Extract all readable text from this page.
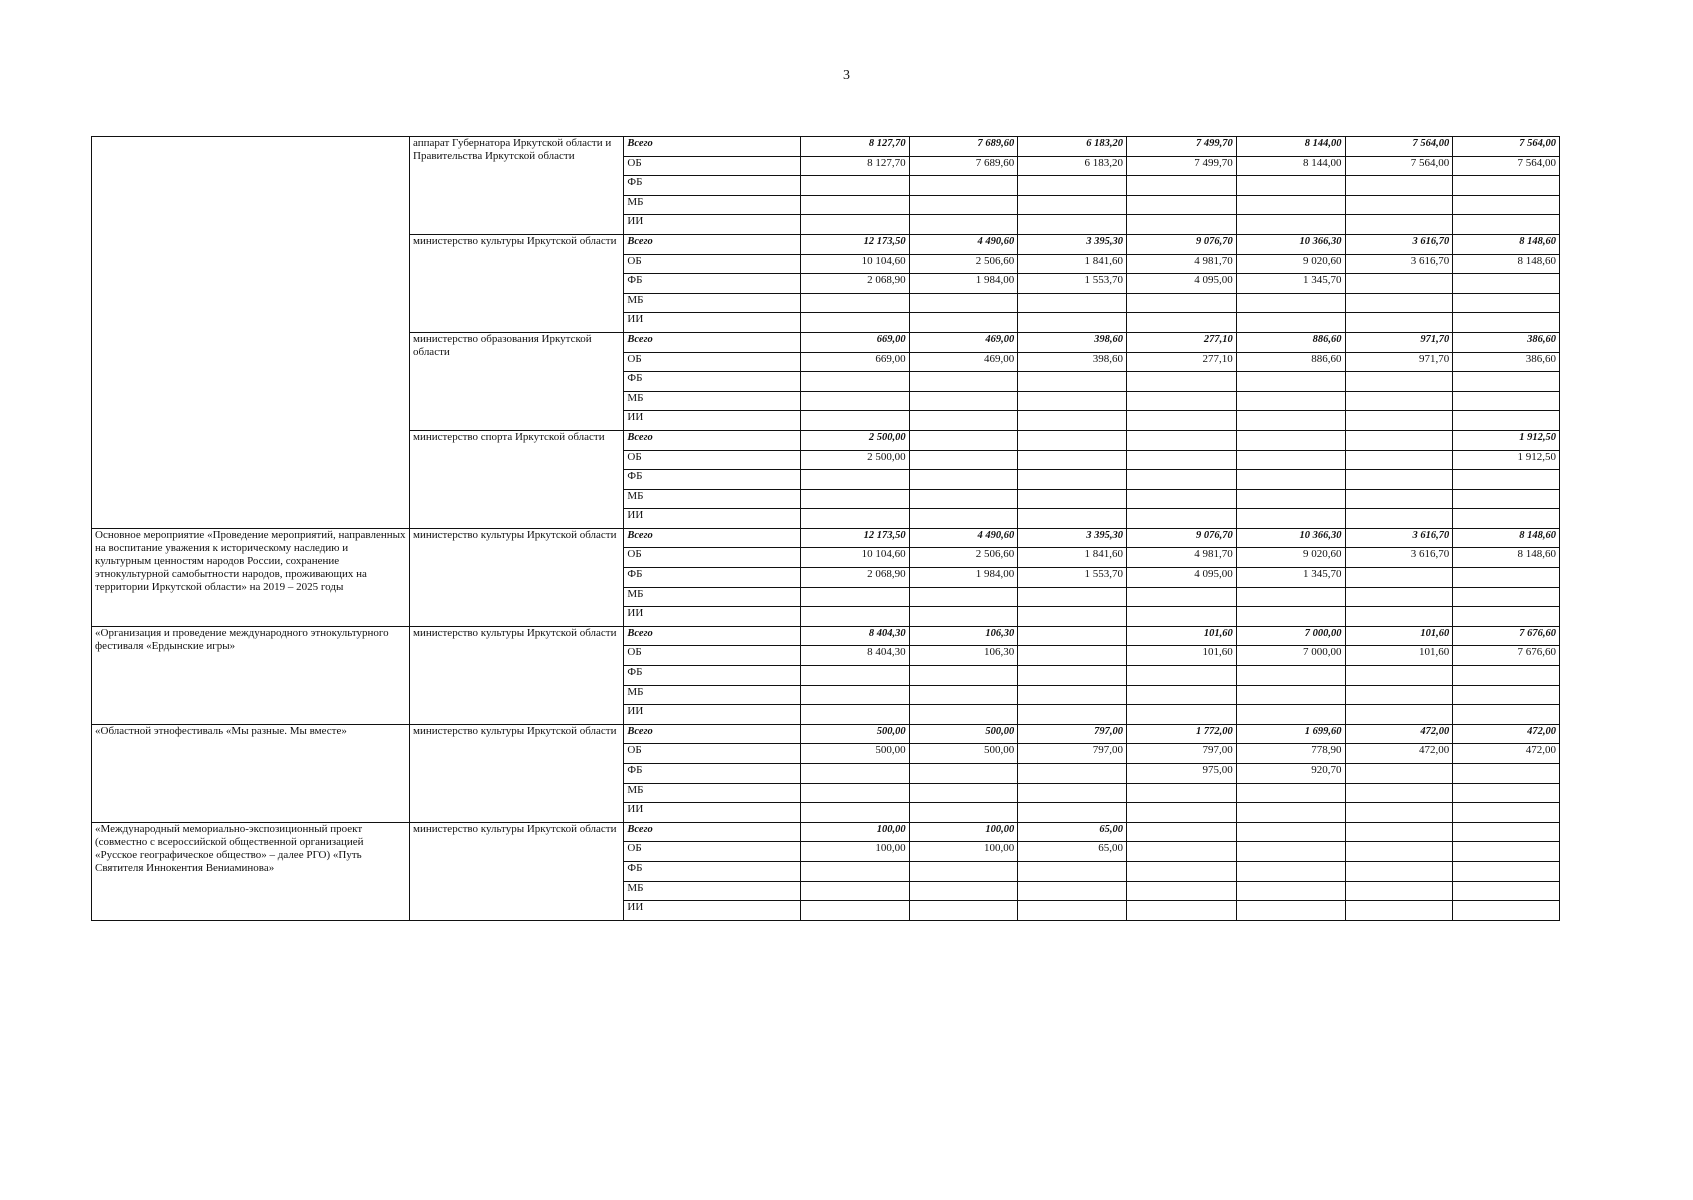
3
	аппарат Губернатора Иркутской области и Правительства Иркутской области	Всего	8 127,70	7 689,60	6 183,20	7 499,70	8 144,00	7 564,00	7 564,00
		ОБ	8 127,70	7 689,60	6 183,20	7 499,70	8 144,00	7 564,00	7 564,00
		ФБ							
		МБ							
		ИИ							
	министерство культуры Иркутской области	Всего	12 173,50	4 490,60	3 395,30	9 076,70	10 366,30	3 616,70	8 148,60
		ОБ	10 104,60	2 506,60	1 841,60	4 981,70	9 020,60	3 616,70	8 148,60
		ФБ	2 068,90	1 984,00	1 553,70	4 095,00	1 345,70		
		МБ							
		ИИ							
	министерство образования Иркутской области	Всего	669,00	469,00	398,60	277,10	886,60	971,70	386,60
		ОБ	669,00	469,00	398,60	277,10	886,60	971,70	386,60
		ФБ							
		МБ							
		ИИ							
	министерство спорта Иркутской области	Всего	2 500,00						1 912,50
		ОБ	2 500,00						1 912,50
		ФБ							
		МБ							
		ИИ							
Основное мероприятие «Проведение мероприятий, направленных на воспитание уважения к историческому наследию и культурным ценностям народов России, сохранение этнокультурной самобытности народов, проживающих на территории Иркутской области» на 2019 – 2025 годы	министерство культуры Иркутской области	Всего	12 173,50	4 490,60	3 395,30	9 076,70	10 366,30	3 616,70	8 148,60
		ОБ	10 104,60	2 506,60	1 841,60	4 981,70	9 020,60	3 616,70	8 148,60
		ФБ	2 068,90	1 984,00	1 553,70	4 095,00	1 345,70		
		МБ							
		ИИ							
«Организация и проведение международного этнокультурного фестиваля «Ердынские игры»	министерство культуры Иркутской области	Всего	8 404,30	106,30		101,60	7 000,00	101,60	7 676,60
		ОБ	8 404,30	106,30		101,60	7 000,00	101,60	7 676,60
		ФБ							
		МБ							
		ИИ							
«Областной этнофестиваль «Мы разные. Мы вместе»	министерство культуры Иркутской области	Всего	500,00	500,00	797,00	1 772,00	1 699,60	472,00	472,00
		ОБ	500,00	500,00	797,00	797,00	778,90	472,00	472,00
		ФБ				975,00	920,70		
		МБ							
		ИИ							
«Международный мемориально-экспозиционный проект (совместно с всероссийской общественной организацией «Русское географическое общество» – далее РГО) «Путь Святителя Иннокентия Вениаминова»	министерство культуры Иркутской области	Всего	100,00	100,00	65,00				
		ОБ	100,00	100,00	65,00				
		ФБ							
		МБ							
		ИИ							
